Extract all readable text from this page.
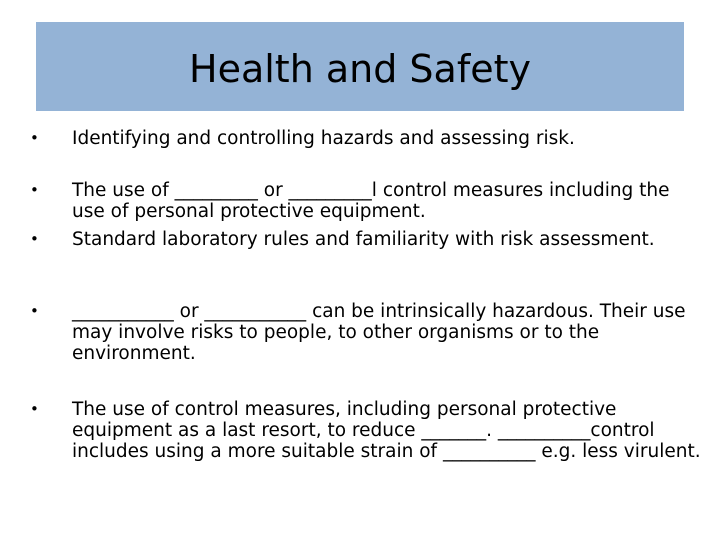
Health and Safety
• Identifying and controlling hazards and assessing risk.
• The use of _________ or _________l control measures including the use of personal protective equipment.
• Standard laboratory rules and familiarity with risk assessment.
• ___________ or ___________ can be intrinsically hazardous. Their use may involve risks to people, to other organisms or to the environment.
• The use of control measures, including personal protective equipment as a last resort, to reduce _______. __________control includes using a more suitable strain of __________ e.g. less virulent.
